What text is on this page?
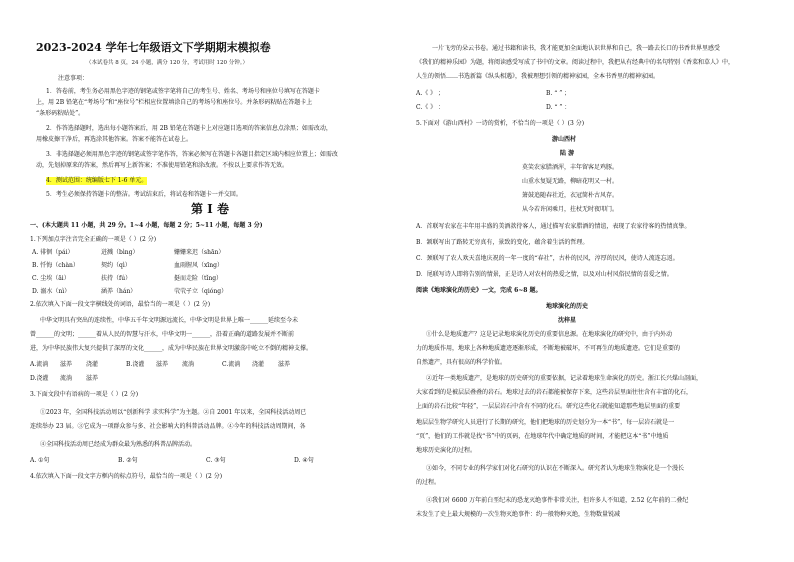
2023-2024 学年七年级语文下学期期末模拟卷
（本试卷共 8 页，24 小题，满分 120 分，考试用时 120 分钟。）
注意事项：
1．答卷前，考生务必用黑色字迹的钢笔或签字笔将自己的考生号、姓名、考场号和座位号填写在答题卡
上，用 2B 铅笔在“考场号”和“座位号”栏相应位置填涂自己的考场号和座位号。并条形码粘贴在答题卡上
“条形码粘贴处”。
2．作答选择题时，选出每小题答案后，用 2B 铅笔在答题卡上对应题目选项的答案信息点涂黑；如需改动，
用橡皮擦干净后，再选涂其他答案。答案不能答在试卷上。
3．非选择题必须用黑色字迹的钢笔或签字笔作答，答案必须写在答题卡各题目指定区域内相应位置上；如需改
动，先划掉原来的答案，然后再写上新答案；不准使用铅笔和涂改液。不按以上要求作答无效。
4．测试范围：统编版七下 1-6 单元。
5．考生必须保持答题卡的整洁。考试结束后，将试卷和答题卡一并交回。
第 I 卷
一、(本大题共 11 小题，共 29 分。1~4 小题，每题 2 分；5~11 小题，每题 3 分)
1.下列加点字注音完全正确的一项是（ ）(2 分)
A. 徘徊（pái）	迸溅（bìng）	姗姗来迟（shān）
B. 忏悔（chàn）	契约（qì）	血雨腥风（xīng）
C. 尘埃（āi）	扶持（fú）	挺而走险（tǐng）
D. 溺水（nì）	涵养（hán）	茕茕孑立（qióng）
2.依次填入下面一段文字横线处的词语，最恰当的一项是（ ）(2 分)
中华文明具有突出的连续性，中华五千年文明源远流长，中华文明是世界上唯一______延续至今未
曾______的文明；______着从人民的智慧与汗水，中华文明一______，沿着正确的道路发展并不断前
进，为中华民族伟大复兴提供了深厚的文化______，成为中华民族在世界文明激荡中屹立不倒的精神支撑。
A.流淌 滋养 浇灌	B.浇灌 滋养 流淌	C.流淌 浇灌 滋养
D.浇灌 流淌 滋养
3.下面文段中有语病的一项是（ ）(2 分)
①2023 年，全国科技活动周以“创新科学 求实科学”为主题。②自 2001 年以来，全国科技活动周已
连续举办 23 届。③它成为一项群众参与多、社会影响大的科普活动品牌。④今年的科技活动周期间，各
④全国科技活动周已经成为群众最为熟悉的科普品牌活动。
A. ①句	B. ②句	C. ③句	D. ④句
4.依次填入下面一段文字方框内的标点符号，最恰当的一项是（ ）(2 分)
一片飞旁的朵云书卷。通过书籍和读书，我才能更加全面地认识世界和自己，我一路去长口的书香世界里感受
《我们的精神乐园》为题，将阅读感受写成了书中的文章。阅读过程中，我把从有经典中的名句特别《香菜和草人》中，
人生的领悟……书选新篇《纵头相遇》，我被理想引领的精神家园，全本书香里的精神家园。
A.《 》 ；	B. “ ” ；
C.《 》 ：	D. “ ” ：
5.下面对《游山西村》一诗的赏析，不恰当的一项是（ ）(3 分)
游山西村
陆 游
莫笑农家腊酒浑，丰年留客足鸡豚。
山重水复疑无路，柳暗花明又一村。
箫鼓追随春社近，衣冠简朴古风存。
从今若许闲乘月，拄杖无时夜叩门。
A．首联写农家在丰年用丰盛的美酒款待客人，通过描写农家腊酒的情谊，表现了农家待客的热情真挚。
B．颔联写出了路转无穷真有，景致的变化，蕴含着生活的哲理。
C．颈联写了农人欢天喜地庆祝的一年一度的“春社”，古朴的民风，淳厚的民风，使诗人流连忘返。
D．尾联写诗人即将告别的情景，正是诗人对农村的热爱之情，以及对山村风俗民情的喜爱之情。
阅读《地球演化的历史》一文，完成 6~8 题。
地球演化的历史
沈梓星
①什么是地质遗产？这是记录地球演化历史的重要信息源。在地球演化的研究中，由于内外动
力的地质作用，地球上各种地质遗迹逐渐形成，不断地被破坏，不可再生的地质遗迹。它们是重要的
自然遗产，具有很高的科学价值。
②近年一类地质遗产，是地球的历史研究的重要依据，记录着地球生命演化的历史。浙江长兴煤山剖面，
大家看到的是被层层叠叠的岩石。地球过去的岩石都能被保存下来，这些岩层里面往往含有丰富的化石，
上面的岩石比较“年轻”，一层层岩石中含有不同的化石。研究这些化石就能知道那些地层里面的重要
地层层生物学研究人员进行了长期的研究，他们把地球的历史划分为一本“书”，每一层岩石就是一
“页”，他们的工作就是找“书”中的页码，在地球年代中确定地质的时间，才能把这本“书”中地质
地球历史演化的过程。
③如今，不同专业的科学家们对化石研究的认识在不断深入。研究者认为地球生物演化是一个漫长
的过程。
④我们对 6600 万年前白垩纪末的恐龙灭绝事件非常关注，但许多人不知道，2.52 亿年前的二叠纪
末发生了史上最大规模的一次生物灭绝事件：约一般物种灭绝，生物数量锐减
